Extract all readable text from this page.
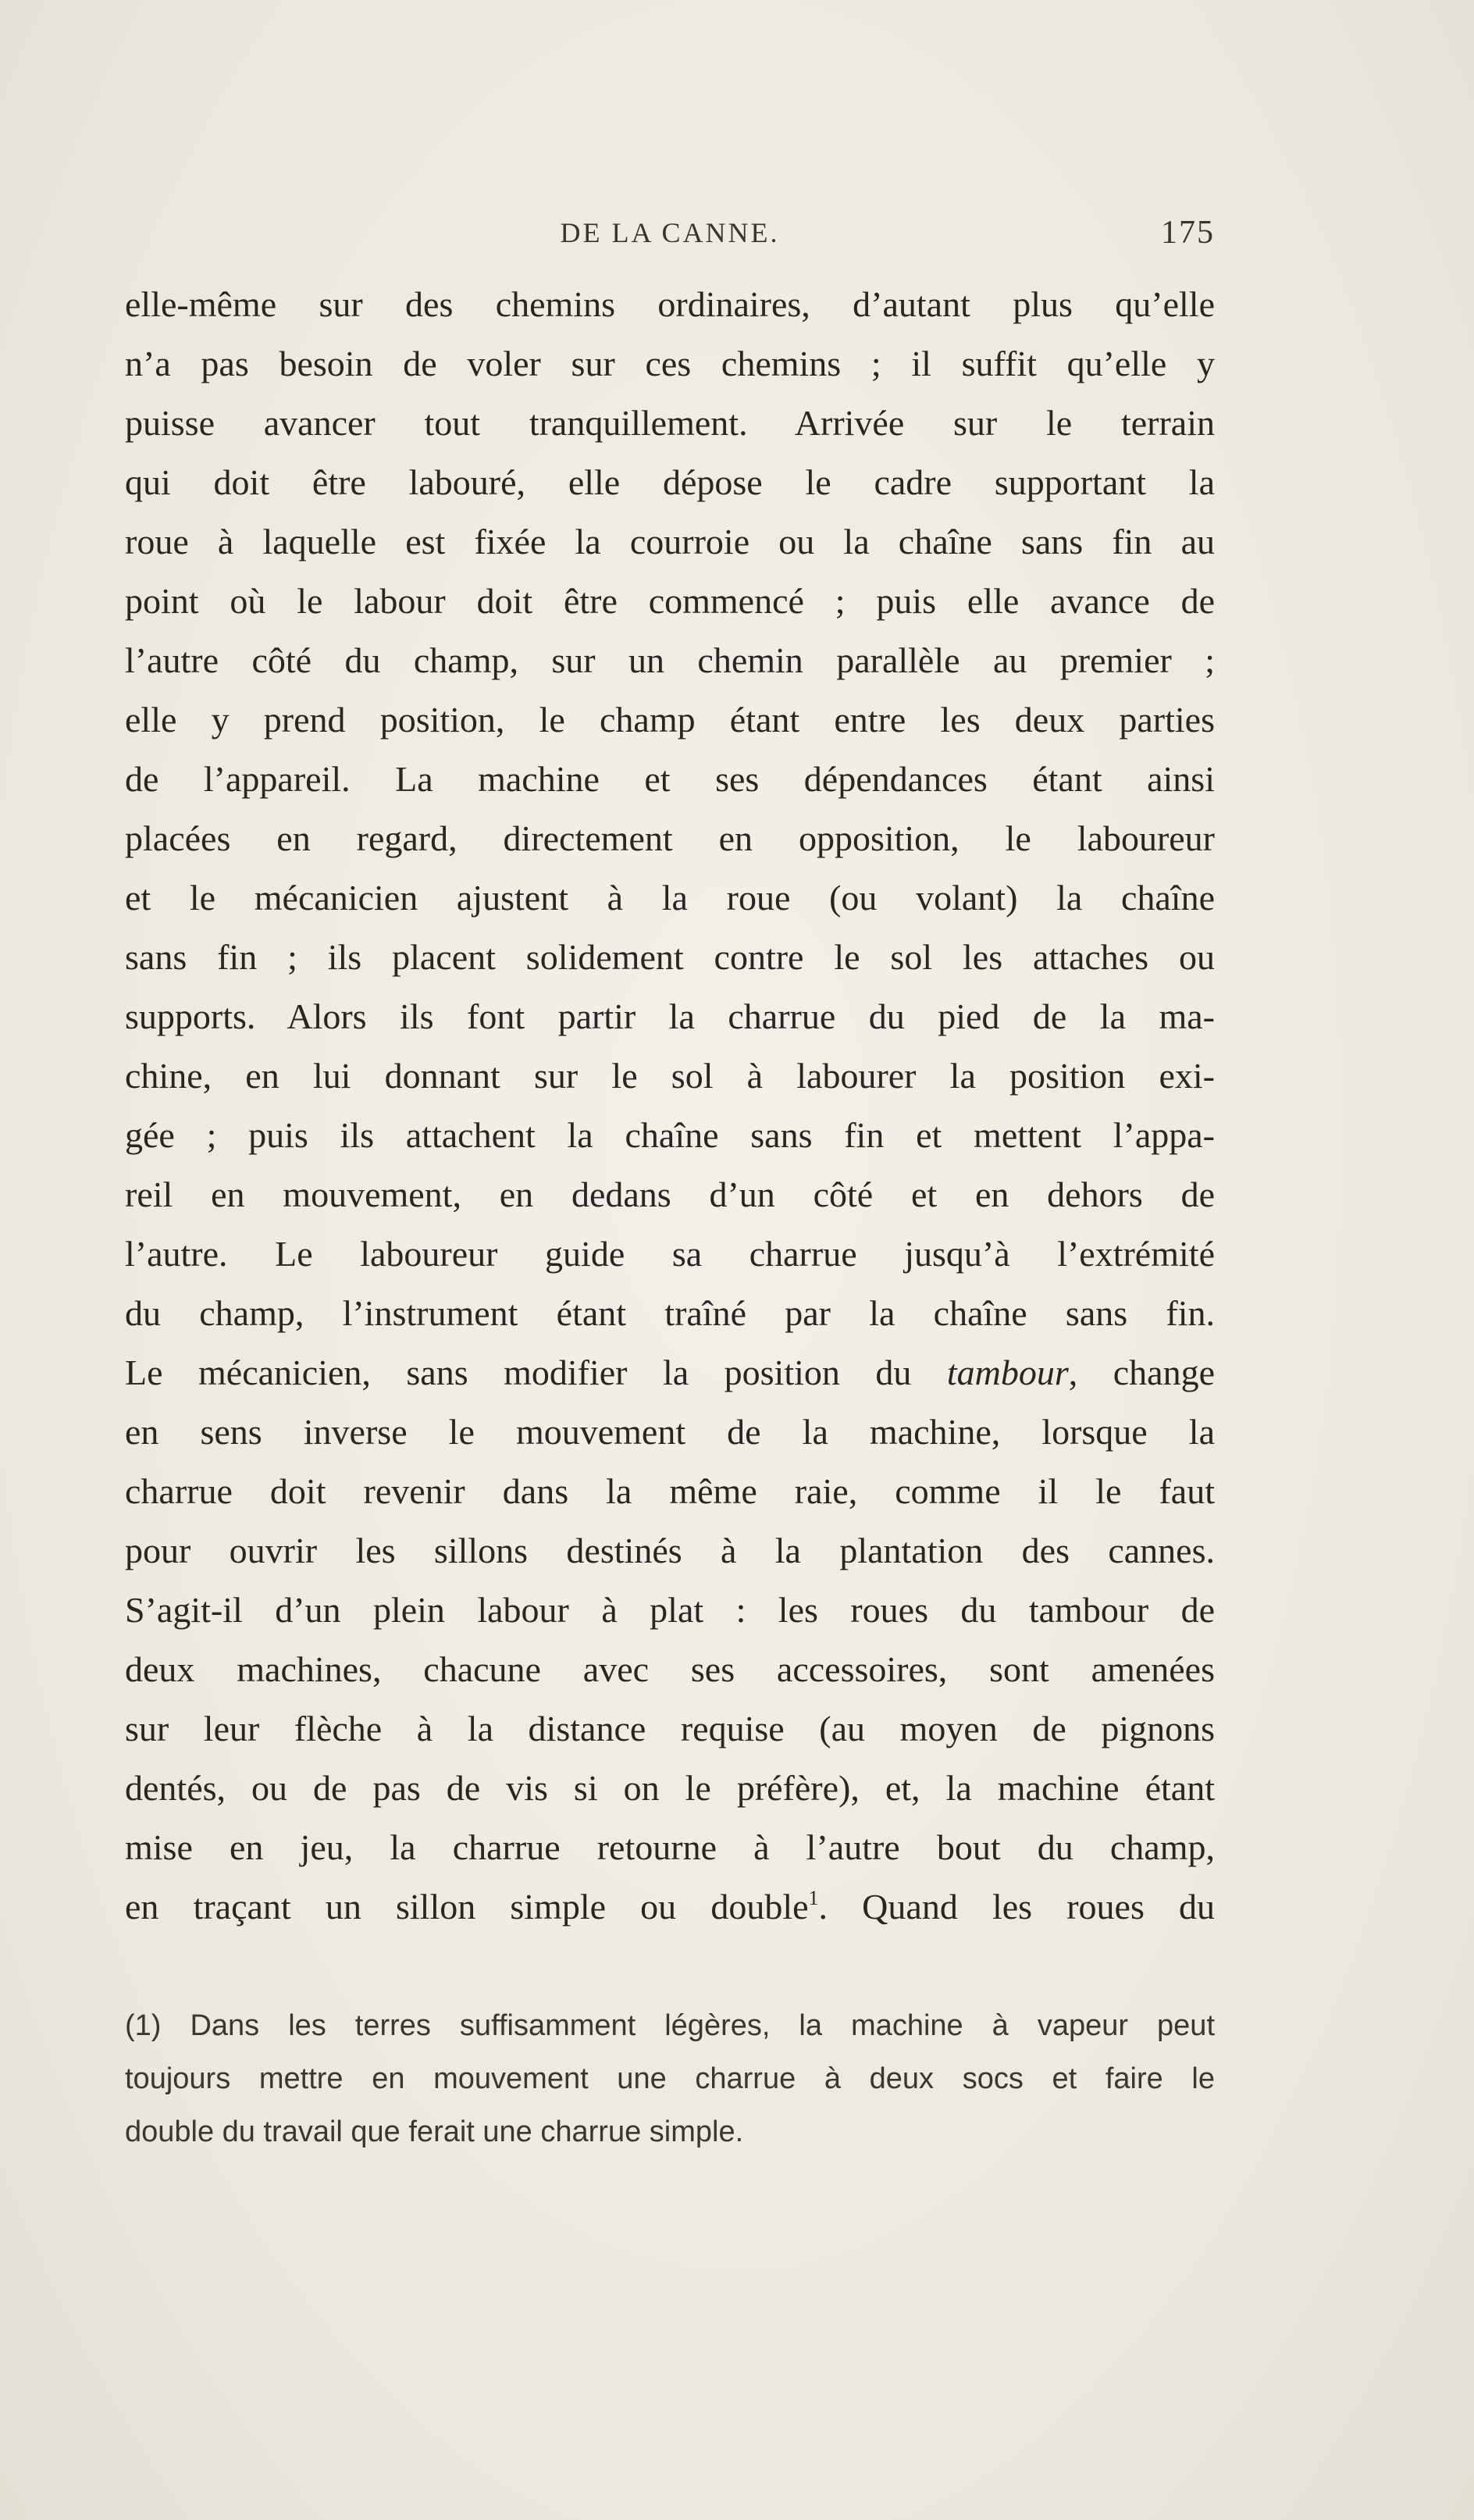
DE LA CANNE.	175
elle-même sur des chemins ordinaires, d’autant plus qu’elle
n’a pas besoin de voler sur ces chemins ; il suffit qu’elle y
puisse avancer tout tranquillement. Arrivée sur le terrain
qui doit être labouré, elle dépose le cadre supportant la
roue à laquelle est fixée la courroie ou la chaîne sans fin au
point où le labour doit être commencé ; puis elle avance de
l’autre côté du champ, sur un chemin parallèle au premier ;
elle y prend position, le champ étant entre les deux parties
de l’appareil. La machine et ses dépendances étant ainsi
placées en regard, directement en opposition, le laboureur
et le mécanicien ajustent à la roue (ou volant) la chaîne
sans fin ; ils placent solidement contre le sol les attaches ou
supports. Alors ils font partir la charrue du pied de la ma-
chine, en lui donnant sur le sol à labourer la position exi-
gée ; puis ils attachent la chaîne sans fin et mettent l’appa-
reil en mouvement, en dedans d’un côté et en dehors de
l’autre. Le laboureur guide sa charrue jusqu’à l’extrémité
du champ, l’instrument étant traîné par la chaîne sans fin.
Le mécanicien, sans modifier la position du tambour, change
en sens inverse le mouvement de la machine, lorsque la
charrue doit revenir dans la même raie, comme il le faut
pour ouvrir les sillons destinés à la plantation des cannes.
S’agit-il d’un plein labour à plat : les roues du tambour de
deux machines, chacune avec ses accessoires, sont amenées
sur leur flèche à la distance requise (au moyen de pignons
dentés, ou de pas de vis si on le préfère), et, la machine étant
mise en jeu, la charrue retourne à l’autre bout du champ,
en traçant un sillon simple ou double$^1$. Quand les roues du
(1) Dans les terres suffisamment légères, la machine à vapeur peut
toujours mettre en mouvement une charrue à deux socs et faire le
double du travail que ferait une charrue simple.
